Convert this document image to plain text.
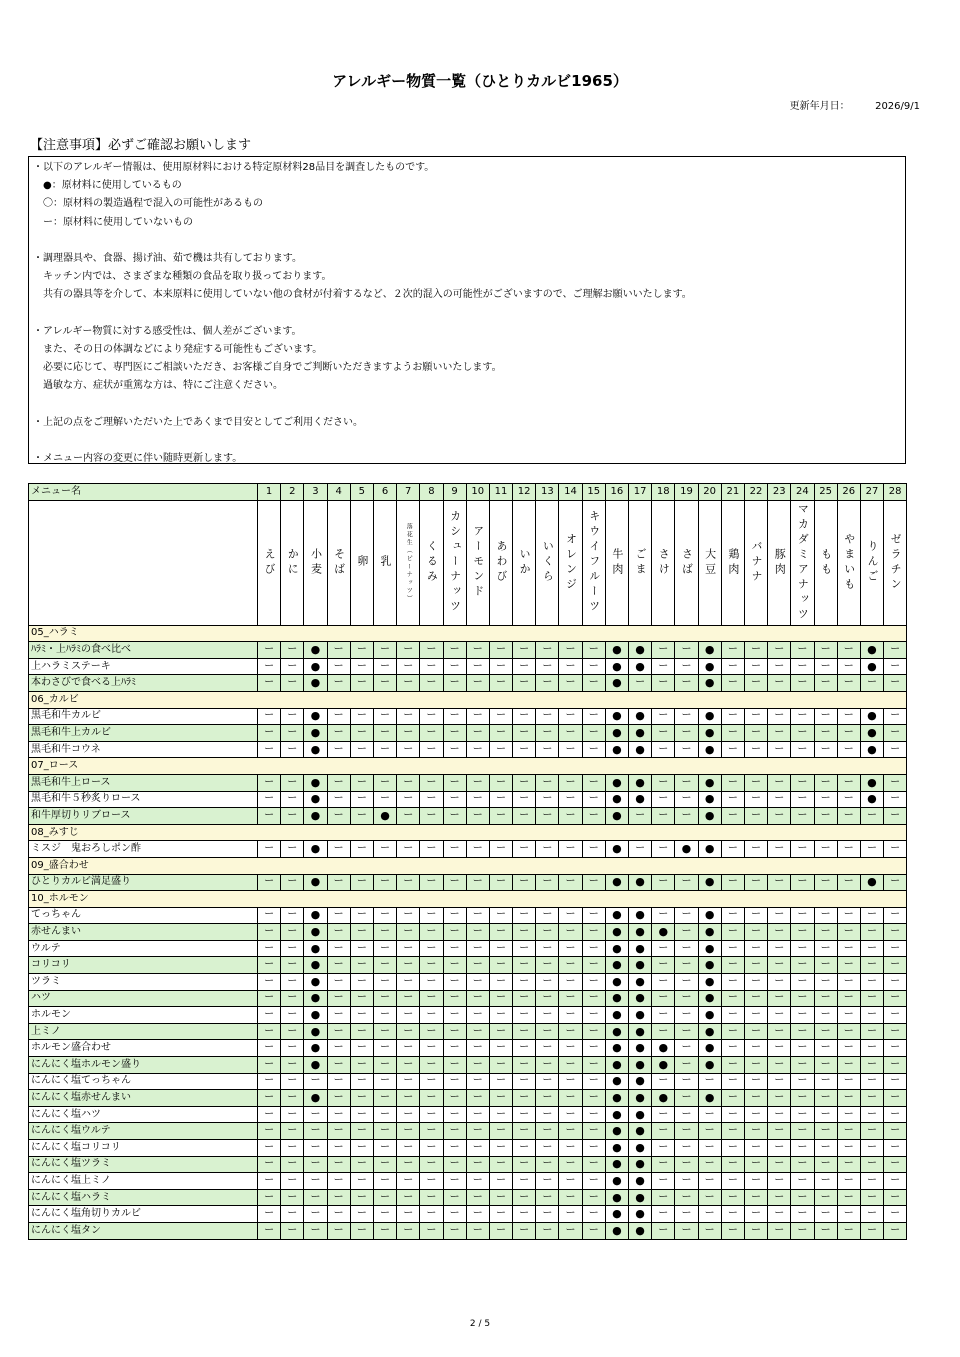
アレルギー物質一覧（ひとりカルビ1965）
更新年月日：	2026/9/1
【注意事項】必ずご確認お願いします
・以下のアレルギー情報は、使用原材料における特定原材料28品目を調査したものです。
　●：原材料に使用しているもの
　〇：原材料の製造過程で混入の可能性があるもの
　ー：原材料に使用していないもの
・調理器具や、食器、揚げ油、茹で機は共有しております。
　キッチン内では、さまざまな種類の食品を取り扱っております。
　共有の器具等を介して、本来原料に使用していない他の食材が付着するなど、２次的混入の可能性がございますので、ご理解お願いいたします。
・アレルギー物質に対する感受性は、個人差がございます。
　また、その日の体調などにより発症する可能性もございます。
　必要に応じて、専門医にご相談いただき、お客様ご自身でご判断いただきますようお願いいたします。
　過敏な方、症状が重篤な方は、特にご注意ください。
・上記の点をご理解いただいた上であくまで目安としてご利用ください。
・メニュー内容の変更に伴い随時更新します。
メニュー名	1	2	3	4	5	6	7	8	9	10	11	12	13	14	15	16	17	18	19	20	21	22	23	24	25	26	27	28

	えび	かに	小麦	そば	卵	乳	落花生（ピーナッツ）	くるみ	カシューナッツ	アーモンド	あわび	いか	いくら	オレンジ	キウイフルーツ	牛肉	ごま	さけ	さば	大豆	鶏肉	バナナ	豚肉	マカダミアナッツ	もも	やまいも	りんご	ゼラチン

05_ハラミ																												
ﾊﾗﾐ・上ﾊﾗﾐの食べ比べ	ー	ー	●	ー	ー	ー	ー	ー	ー	ー	ー	ー	ー	ー	ー	●	●	ー	ー	●	ー	ー	ー	ー	ー	ー	●	ー
上ハラミステーキ	ー	ー	●	ー	ー	ー	ー	ー	ー	ー	ー	ー	ー	ー	ー	●	●	ー	ー	●	ー	ー	ー	ー	ー	ー	●	ー
本わさびで食べる上ﾊﾗﾐ	ー	ー	●	ー	ー	ー	ー	ー	ー	ー	ー	ー	ー	ー	ー	●	ー	ー	ー	●	ー	ー	ー	ー	ー	ー	ー	ー
06_カルビ																												
黒毛和牛カルビ	ー	ー	●	ー	ー	ー	ー	ー	ー	ー	ー	ー	ー	ー	ー	●	●	ー	ー	●	ー	ー	ー	ー	ー	ー	●	ー
黒毛和牛上カルビ	ー	ー	●	ー	ー	ー	ー	ー	ー	ー	ー	ー	ー	ー	ー	●	●	ー	ー	●	ー	ー	ー	ー	ー	ー	●	ー
黒毛和牛コウネ	ー	ー	●	ー	ー	ー	ー	ー	ー	ー	ー	ー	ー	ー	ー	●	●	ー	ー	●	ー	ー	ー	ー	ー	ー	●	ー
07_ロース																												
黒毛和牛上ロース	ー	ー	●	ー	ー	ー	ー	ー	ー	ー	ー	ー	ー	ー	ー	●	●	ー	ー	●	ー	ー	ー	ー	ー	ー	●	ー
黒毛和牛５秒炙りロース	ー	ー	●	ー	ー	ー	ー	ー	ー	ー	ー	ー	ー	ー	ー	●	●	ー	ー	●	ー	ー	ー	ー	ー	ー	●	ー
和牛厚切りリブロース	ー	ー	●	ー	ー	●	ー	ー	ー	ー	ー	ー	ー	ー	ー	●	ー	ー	ー	●	ー	ー	ー	ー	ー	ー	ー	ー
08_みすじ																												
ミスジ　鬼おろしポン酢	ー	ー	●	ー	ー	ー	ー	ー	ー	ー	ー	ー	ー	ー	ー	●	ー	ー	●	●	ー	ー	ー	ー	ー	ー	ー	ー
09_盛合わせ																												
ひとりカルビ満足盛り	ー	ー	●	ー	ー	ー	ー	ー	ー	ー	ー	ー	ー	ー	ー	●	●	ー	ー	●	ー	ー	ー	ー	ー	ー	●	ー
10_ホルモン																												
てっちゃん	ー	ー	●	ー	ー	ー	ー	ー	ー	ー	ー	ー	ー	ー	ー	●	●	ー	ー	●	ー	ー	ー	ー	ー	ー	ー	ー
赤せんまい	ー	ー	●	ー	ー	ー	ー	ー	ー	ー	ー	ー	ー	ー	ー	●	●	●	ー	●	ー	ー	ー	ー	ー	ー	ー	ー
ウルテ	ー	ー	●	ー	ー	ー	ー	ー	ー	ー	ー	ー	ー	ー	ー	●	●	ー	ー	●	ー	ー	ー	ー	ー	ー	ー	ー
コリコリ	ー	ー	●	ー	ー	ー	ー	ー	ー	ー	ー	ー	ー	ー	ー	●	●	ー	ー	●	ー	ー	ー	ー	ー	ー	ー	ー
ツラミ	ー	ー	●	ー	ー	ー	ー	ー	ー	ー	ー	ー	ー	ー	ー	●	●	ー	ー	●	ー	ー	ー	ー	ー	ー	ー	ー
ハツ	ー	ー	●	ー	ー	ー	ー	ー	ー	ー	ー	ー	ー	ー	ー	●	●	ー	ー	●	ー	ー	ー	ー	ー	ー	ー	ー
ホルモン	ー	ー	●	ー	ー	ー	ー	ー	ー	ー	ー	ー	ー	ー	ー	●	●	ー	ー	●	ー	ー	ー	ー	ー	ー	ー	ー
上ミノ	ー	ー	●	ー	ー	ー	ー	ー	ー	ー	ー	ー	ー	ー	ー	●	●	ー	ー	●	ー	ー	ー	ー	ー	ー	ー	ー
ホルモン盛合わせ	ー	ー	●	ー	ー	ー	ー	ー	ー	ー	ー	ー	ー	ー	ー	●	●	●	ー	●	ー	ー	ー	ー	ー	ー	ー	ー
にんにく塩ホルモン盛り	ー	ー	●	ー	ー	ー	ー	ー	ー	ー	ー	ー	ー	ー	ー	●	●	●	ー	●	ー	ー	ー	ー	ー	ー	ー	ー
にんにく塩てっちゃん	ー	ー	ー	ー	ー	ー	ー	ー	ー	ー	ー	ー	ー	ー	ー	●	●	ー	ー	ー	ー	ー	ー	ー	ー	ー	ー	ー
にんにく塩赤せんまい	ー	ー	●	ー	ー	ー	ー	ー	ー	ー	ー	ー	ー	ー	ー	●	●	●	ー	●	ー	ー	ー	ー	ー	ー	ー	ー
にんにく塩ハツ	ー	ー	ー	ー	ー	ー	ー	ー	ー	ー	ー	ー	ー	ー	ー	●	●	ー	ー	ー	ー	ー	ー	ー	ー	ー	ー	ー
にんにく塩ウルテ	ー	ー	ー	ー	ー	ー	ー	ー	ー	ー	ー	ー	ー	ー	ー	●	●	ー	ー	ー	ー	ー	ー	ー	ー	ー	ー	ー
にんにく塩コリコリ	ー	ー	ー	ー	ー	ー	ー	ー	ー	ー	ー	ー	ー	ー	ー	●	●	ー	ー	ー	ー	ー	ー	ー	ー	ー	ー	ー
にんにく塩ツラミ	ー	ー	ー	ー	ー	ー	ー	ー	ー	ー	ー	ー	ー	ー	ー	●	●	ー	ー	ー	ー	ー	ー	ー	ー	ー	ー	ー
にんにく塩上ミノ	ー	ー	ー	ー	ー	ー	ー	ー	ー	ー	ー	ー	ー	ー	ー	●	●	ー	ー	ー	ー	ー	ー	ー	ー	ー	ー	ー
にんにく塩ハラミ	ー	ー	ー	ー	ー	ー	ー	ー	ー	ー	ー	ー	ー	ー	ー	●	●	ー	ー	ー	ー	ー	ー	ー	ー	ー	ー	ー
にんにく塩角切りカルビ	ー	ー	ー	ー	ー	ー	ー	ー	ー	ー	ー	ー	ー	ー	ー	●	●	ー	ー	ー	ー	ー	ー	ー	ー	ー	ー	ー
にんにく塩タン	ー	ー	ー	ー	ー	ー	ー	ー	ー	ー	ー	ー	ー	ー	ー	●	●	ー	ー	ー	ー	ー	ー	ー	ー	ー	ー	ー
2 / 5
